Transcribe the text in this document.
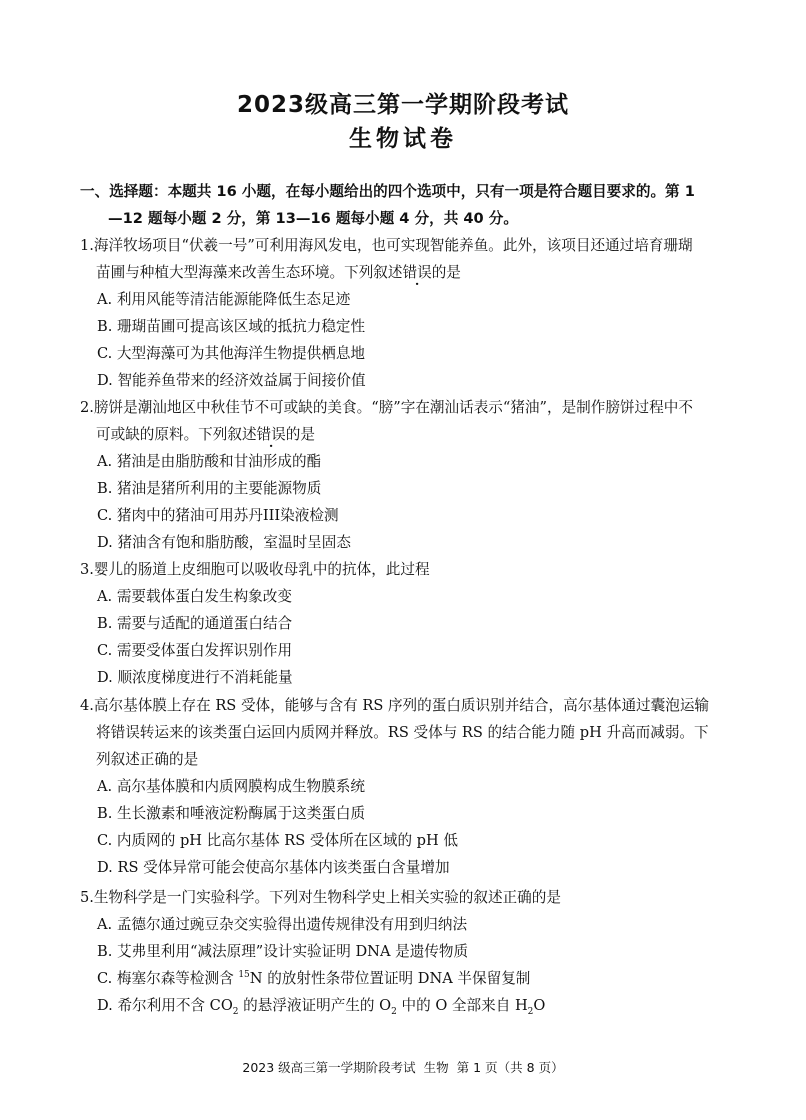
2023级高三第一学期阶段考试
生物试卷
一、选择题：本题共 16 小题，在每小题给出的四个选项中，只有一项是符合题目要求的。第 1
—12 题每小题 2 分，第 13—16 题每小题 4 分，共 40 分。
1.海洋牧场项目“伏羲一号”可利用海风发电，也可实现智能养鱼。此外，该项目还通过培育珊瑚
苗圃与种植大型海藻来改善生态环境。下列叙述错误的是
A. 利用风能等清洁能源能降低生态足迹
B. 珊瑚苗圃可提高该区域的抵抗力稳定性
C. 大型海藻可为其他海洋生物提供栖息地
D. 智能养鱼带来的经济效益属于间接价值
2.膀饼是潮汕地区中秋佳节不可或缺的美食。“膀”字在潮汕话表示“猪油”，是制作膀饼过程中不
可或缺的原料。下列叙述错误的是
A. 猪油是由脂肪酸和甘油形成的酯
B. 猪油是猪所利用的主要能源物质
C. 猪肉中的猪油可用苏丹III染液检测
D. 猪油含有饱和脂肪酸，室温时呈固态
3.婴儿的肠道上皮细胞可以吸收母乳中的抗体，此过程
A. 需要载体蛋白发生构象改变
B. 需要与适配的通道蛋白结合
C. 需要受体蛋白发挥识别作用
D. 顺浓度梯度进行不消耗能量
4.高尔基体膜上存在 RS 受体，能够与含有 RS 序列的蛋白质识别并结合，高尔基体通过囊泡运输
将错误转运来的该类蛋白运回内质网并释放。RS 受体与 RS 的结合能力随 pH 升高而减弱。下
列叙述正确的是
A. 高尔基体膜和内质网膜构成生物膜系统
B. 生长激素和唾液淀粉酶属于这类蛋白质
C. 内质网的 pH 比高尔基体 RS 受体所在区域的 pH 低
D. RS 受体异常可能会使高尔基体内该类蛋白含量增加
5.生物科学是一门实验科学。下列对生物科学史上相关实验的叙述正确的是
A. 孟德尔通过豌豆杂交实验得出遗传规律没有用到归纳法
B. 艾弗里利用“减法原理”设计实验证明 DNA 是遗传物质
C. 梅塞尔森等检测含 $^{15}$N 的放射性条带位置证明 DNA 半保留复制
D. 希尔利用不含 $CO_2$ 的悬浮液证明产生的 $O_2$ 中的 O 全部来自 $H_2O$
2023 级高三第一学期阶段考试 生物 第 1 页（共 8 页）
